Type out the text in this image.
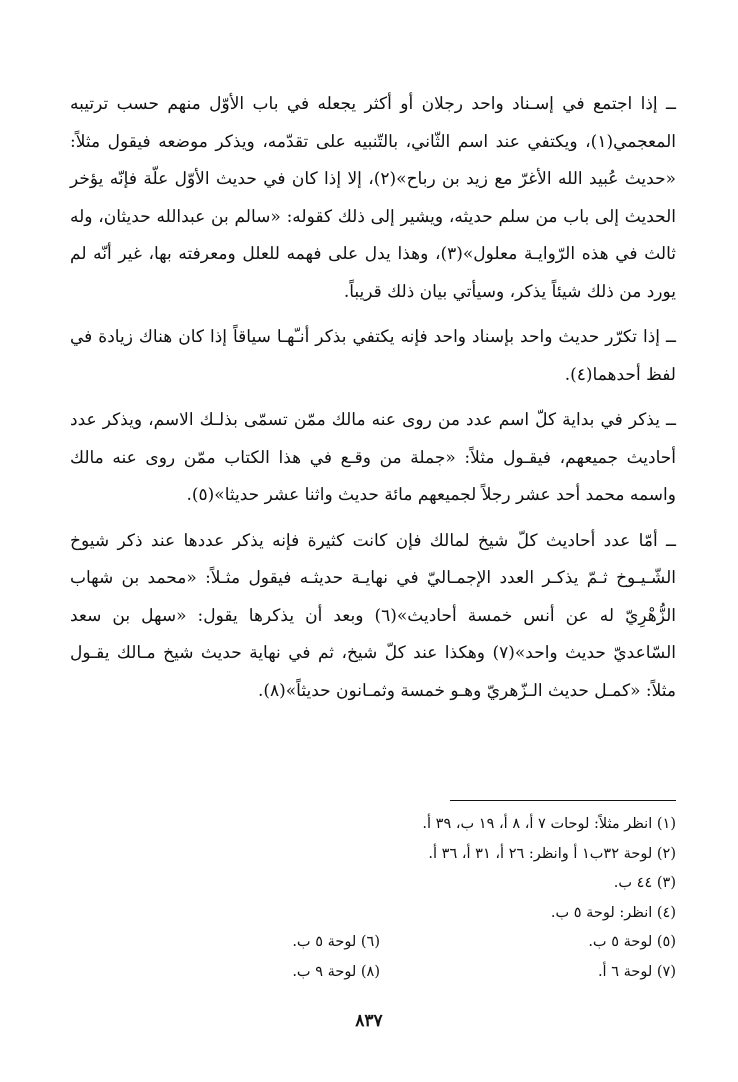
ــ إذا اجتمع في إسـناد واحد رجلان أو أكثر يجعله في باب الأوّل منهم حسب ترتيبه المعجمي(١)، ويكتفي عند اسم الثّاني، بالتّنبيه على تقدّمه، ويذكر موضعه فيقول مثلاً: «حديث عُبيد الله الأغرّ مع زيد بن رباح»(٢)، إلا إذا كان في حديث الأوّل علّة فإنّه يؤخر الحديث إلى باب من سلم حديثه، ويشير إلى ذلك كقوله: «سالم بن عبدالله حديثان، وله ثالث في هذه الرّوايـة معلول»(٣)، وهذا يدل على فهمه للعلل ومعرفته بها، غير أنّه لم يورد من ذلك شيئاً يذكر، وسيأتي بيان ذلك قريباً.

ــ إذا تكرّر حديث واحد بإسناد واحد فإنه يكتفي بذكر أنـّهـا سياقاً إذا كان هناك زيادة في لفظ أحدهما(٤).

ــ يذكر في بداية كلّ اسم عدد من روى عنه مالك ممّن تسمّى بذلـك الاسم، ويذكر عدد أحاديث جميعهم، فيقـول مثلاً: «جملة من وقـع في هذا الكتاب ممّن روى عنه مالك واسمه محمد أحد عشر رجلاً لجميعهم مائة حديث واثنا عشر حديثا»(٥).

ــ أمّا عدد أحاديث كلّ شيخ لمالك فإن كانت كثيرة فإنه يذكر عددها عند ذكر شيوخ الشّـيـوخ ثـمّ يذكـر العدد الإجمـاليّ في نهايـة حديثـه فيقول مثـلاً: «محمد بن شهاب الزُّهْرِيّ له عن أنس خمسة أحاديث»(٦) وبعد أن يذكرها يقول: «سهل بن سعد السّاعديّ حديث واحد»(٧) وهكذا عند كلّ شيخ، ثم في نهاية حديث شيخ مـالك يقـول مثلاً: «كمـل حديث الـزّهريّ وهـو خمسة وثمـانون حديثاً»(٨).

(١) انظر مثلاً: لوحات ٧ أ، ٨ أ، ١٩ ب، ٣٩ أ.
(٢) لوحة ٣٢ب١ أ وانظر: ٢٦ أ، ٣١ أ، ٣٦ أ.
(٣) ٤٤ ب.
(٤) انظر: لوحة ٥ ب.
(٥) لوحة ٥ ب.
(٦) لوحة ٥ ب.
(٧) لوحة ٦ أ.
(٨) لوحة ٩ ب.
٨٣٧
